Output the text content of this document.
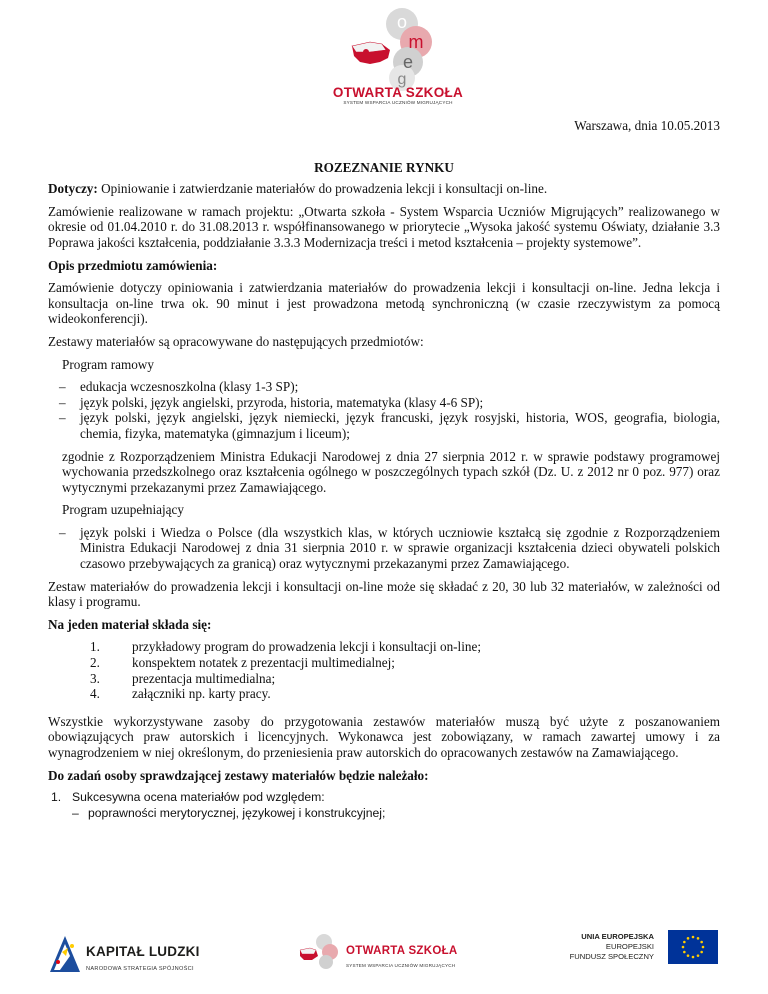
o
m
e
g
OTWARTA SZKOŁA
SYSTEM WSPARCIA UCZNIÓW MIGRUJĄCYCH

Warszawa, dnia 10.05.2013

ROZEZNANIE RYNKU

Dotyczy: Opiniowanie i zatwierdzanie materiałów do prowadzenia lekcji i konsultacji on-line.

Zamówienie realizowane w ramach projektu: „Otwarta szkoła - System Wsparcia Uczniów Migrujących” realizowanego w okresie od 01.04.2010 r. do 31.08.2013 r. współfinansowanego w priorytecie „Wysoka jakość systemu Oświaty, działanie 3.3 Poprawa jakości kształcenia, poddziałanie 3.3.3 Modernizacja treści i metod kształcenia – projekty systemowe”.

Opis przedmiotu zamówienia:

Zamówienie dotyczy opiniowania i zatwierdzania materiałów do prowadzenia lekcji i konsultacji on-line. Jedna lekcja i konsultacja on-line trwa ok. 90 minut i jest prowadzona metodą synchroniczną (w czasie rzeczywistym za pomocą wideokonferencji).

Zestawy materiałów są opracowywane do następujących przedmiotów:

Program ramowy

– edukacja wczesnoszkolna (klasy 1-3 SP);
– język polski, język angielski, przyroda, historia, matematyka (klasy 4-6 SP);
– język polski, język angielski, język niemiecki, język francuski, język rosyjski, historia, WOS, geografia, biologia, chemia, fizyka, matematyka (gimnazjum i liceum);

zgodnie z Rozporządzeniem Ministra Edukacji Narodowej z dnia 27 sierpnia 2012 r. w sprawie podstawy programowej wychowania przedszkolnego oraz kształcenia ogólnego w poszczególnych typach szkół (Dz. U. z 2012 nr 0 poz. 977) oraz wytycznymi przekazanymi przez Zamawiającego.

Program uzupełniający

– język polski i Wiedza o Polsce (dla wszystkich klas, w których uczniowie kształcą się zgodnie z Rozporządzeniem Ministra Edukacji Narodowej z dnia 31 sierpnia 2010 r. w sprawie organizacji kształcenia dzieci obywateli polskich czasowo przebywających za granicą) oraz wytycznymi przekazanymi przez Zamawiającego.

Zestaw materiałów do prowadzenia lekcji i konsultacji on-line może się składać z 20, 30 lub 32 materiałów, w zależności od klasy i programu.

Na jeden materiał składa się:

1. przykładowy program do prowadzenia lekcji i konsultacji on-line;
2. konspektem notatek z prezentacji multimedialnej;
3. prezentacja multimedialna;
4. załączniki np. karty pracy.

Wszystkie wykorzystywane zasoby do przygotowania zestawów materiałów muszą być użyte z poszanowaniem obowiązujących praw autorskich i licencyjnych. Wykonawca jest zobowiązany, w ramach zawartej umowy i za wynagrodzeniem w niej określonym, do przeniesienia praw autorskich do opracowanych zestawów na Zamawiającego.

Do zadań osoby sprawdzającej zestawy materiałów będzie należało:

1. Sukcesywna ocena materiałów pod względem:
– poprawności merytorycznej, językowej i konstrukcyjnej;
KAPITAŁ LUDZKI
NARODOWA STRATEGIA SPÓJNOŚCI
OTWARTA SZKOŁA
SYSTEM WSPARCIA UCZNIÓW MIGRUJĄCYCH
UNIA EUROPEJSKA
EUROPEJSKI
FUNDUSZ SPOŁECZNY
